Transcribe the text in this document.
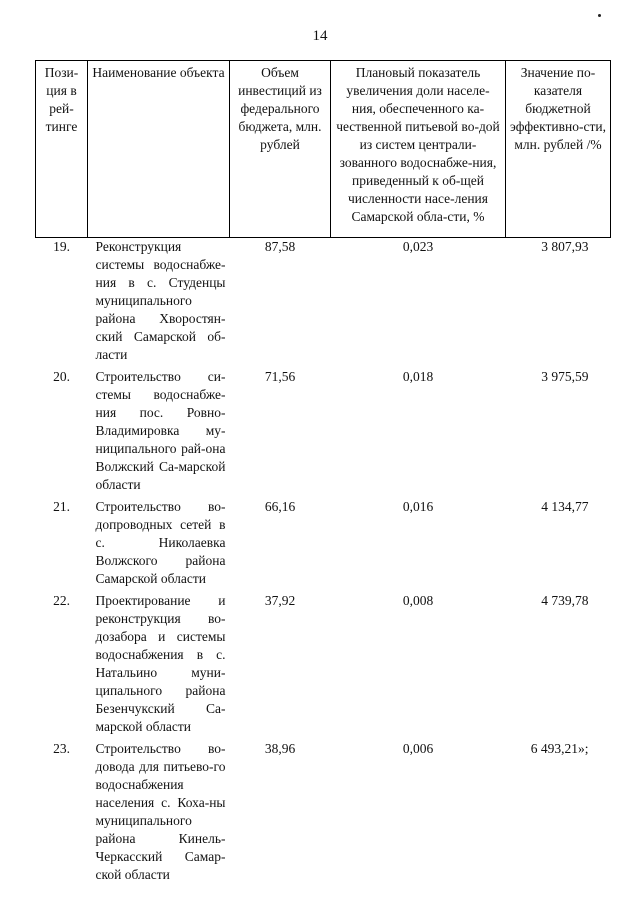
14
Пози-ция в рей-тинге	Наименование объекта	Объем инвестиций из федерального бюджета, млн. рублей	Плановый показатель увеличения доли населе-ния, обеспеченного ка-чественной питьевой во-дой из систем централи-зованного водоснабже-ния, приведенный к об-щей численности насе-ления Самарской обла-сти, %	Значение по-казателя бюджетной эффективно-сти, млн. рублей /%
19.	Реконструкция системы водоснабже-ния в с. Студенцы муниципального района Хворостян-ский Самарской об-ласти	87,58	0,023	3 807,93
20.	Строительство си-стемы водоснабже-ния пос. Ровно-Владимировка му-ниципального рай-она Волжский Са-марской области	71,56	0,018	3 975,59
21.	Строительство во-допроводных сетей в с. Николаевка Волжского района Самарской области	66,16	0,016	4 134,77
22.	Проектирование и реконструкция во-дозабора и системы водоснабжения в с. Натальино муни-ципального района Безенчукский Са-марской области	37,92	0,008	4 739,78
23.	Строительство во-довода для питьево-го водоснабжения населения с. Коха-ны муниципального района Кинель-Черкасский Самар-ской области	38,96	0,006	6 493,21»;
